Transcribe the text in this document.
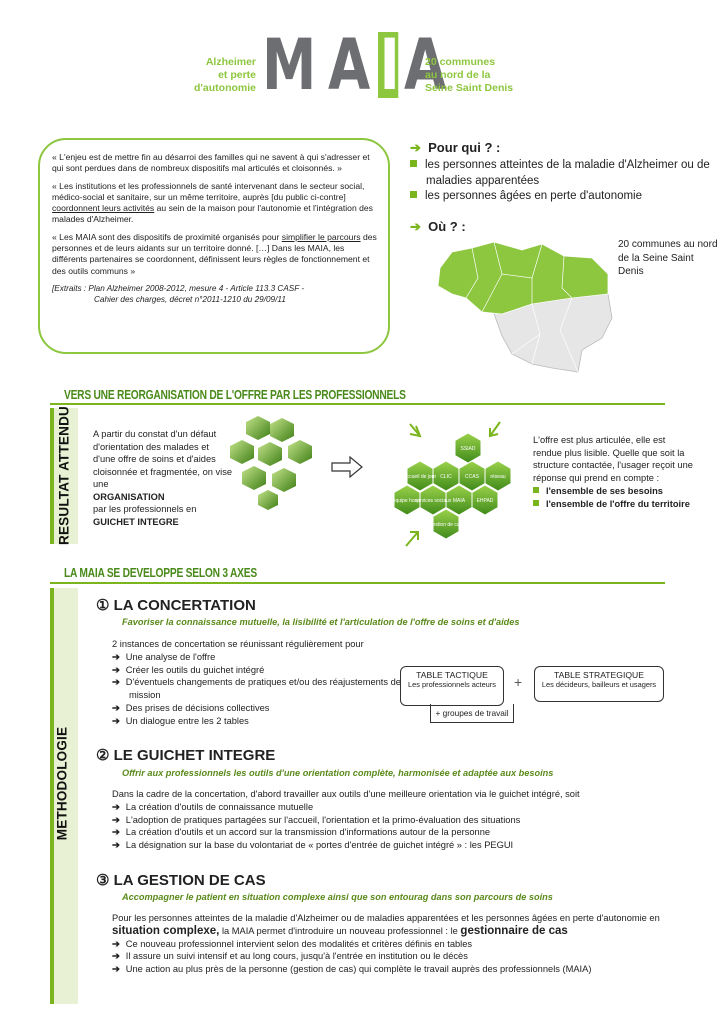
Alzheimer
et perte
d'autonomie M A I A
20 communes
au nord de la
Seine Saint Denis

« L'enjeu est de mettre fin au désarroi des familles qui ne savent à qui s'adresser et qui sont perdues dans de nombreux dispositifs mal articulés et cloisonnés. »

« Les institutions et les professionnels de santé intervenant dans le secteur social, médico-social et sanitaire, sur un même territoire, auprès [du public ci-contre] coordonnent leurs activités au sein de la maison pour l'autonomie et l'intégration des malades d'Alzheimer.

« Les MAIA sont des dispositifs de proximité organisés pour simplifier le parcours des personnes et de leurs aidants sur un territoire donné. […] Dans les MAIA, les différents partenaires se coordonnent, définissent leurs règles de fonctionnement et des outils communs »

[Extraits : Plan Alzheimer 2008-2012, mesure 4 - Article 113.3 CASF -
Cahier des charges, décret n°2011-1210 du 29/09/11
➔ Pour qui ? :
les personnes atteintes de la maladie d'Alzheimer ou de maladies apparentées
les personnes âgées en perte d'autonomie
➔ Où ? :
20 communes au nord de la Seine Saint Denis
VERS UNE REORGANISATION DE L'OFFRE PAR LES PROFESSIONNELS
RESULTAT ATTENDU A partir du constat d'un défaut d'orientation des malades et d'une offre de soins et d'aides cloisonnée et fragmentée, on vise une
ORGANISATION
par les professionnels en
GUICHET INTEGRE
SSIAD
accueil de jour CLIC	CCAS réseau
équipe hosp.
services sociaux MAIA EHPAD
gestion de cas
L'offre est plus articulée, elle est rendue plus lisible. Quelle que soit la structure contactée, l'usager reçoit une réponse qui prend en compte :
l'ensemble de ses besoins
l'ensemble de l'offre du territoire
LA MAIA SE DEVELOPPE SELON 3 AXES
METHODOLOGIE
① LA CONCERTATION
Favoriser la connaissance mutuelle, la lisibilité et l'articulation de l'offre de soins et d'aides
2 instances de concertation se réunissant régulièrement pour
➔ Une analyse de l'offre
➔ Créer les outils du guichet intégré
➔ D'éventuels changements de pratiques et/ou des réajustements de mission
➔ Des prises de décisions collectives
➔ Un dialogue entre les 2 tables
TABLE TACTIQUE
Les professionnels acteurs +	TABLE STRATEGIQUE
Les décideurs, bailleurs et usagers
+ groupes de travail
② LE GUICHET INTEGRE
Offrir aux professionnels les outils d'une orientation complète, harmonisée et adaptée aux besoins
Dans la cadre de la concertation, d'abord travailler aux outils d'une meilleure orientation via le guichet intégré, soit
➔ La création d'outils de connaissance mutuelle
➔ L'adoption de pratiques partagées sur l'accueil, l'orientation et la primo-évaluation des situations
➔ La création d'outils et un accord sur la transmission d'informations autour de la personne
➔ La désignation sur la base du volontariat de « portes d'entrée de guichet intégré » : les PEGUI
③ LA GESTION DE CAS
Accompagner le patient en situation complexe ainsi que son entourag dans son parcours de soins
Pour les personnes atteintes de la maladie d'Alzheimer ou de maladies apparentées et les personnes âgées en perte d'autonomie en situation complexe, la MAIA permet d'introduire un nouveau professionnel : le gestionnaire de cas
➔ Ce nouveau professionnel intervient selon des modalités et critères définis en tables
➔ Il assure un suivi intensif et au long cours, jusqu'à l'entrée en institution ou le décès
➔ Une action au plus près de la personne (gestion de cas) qui complète le travail auprès des professionnels (MAIA)
